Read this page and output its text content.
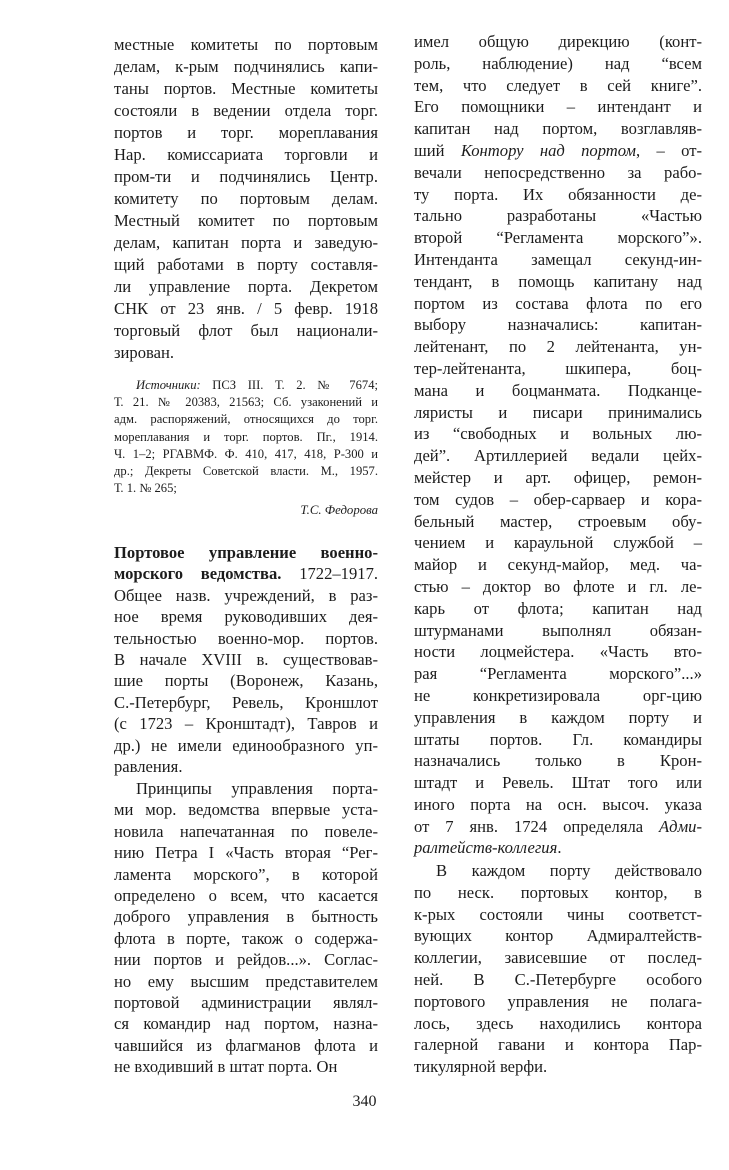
местные комитеты по портовым
делам, к-рым подчинялись капи-
таны портов. Местные комитеты
состояли в ведении отдела торг.
портов и торг. мореплавания
Нар. комиссариата торговли и
пром-ти и подчинялись Центр.
комитету по портовым делам.
Местный комитет по портовым
делам, капитан порта и заведую-
щий работами в порту составля-
ли управление порта. Декретом
СНК от 23 янв. / 5 февр. 1918
торговый флот был национали-
зирован.
Источники: ПСЗ III. Т. 2. № 7674;
Т. 21. № 20383, 21563; Сб. узаконений и
адм. распоряжений, относящихся до торг.
мореплавания и торг. портов. Пг., 1914.
Ч. 1–2; РГАВМФ. Ф. 410, 417, 418, Р-300 и
др.; Декреты Советской власти. М., 1957.
Т. 1. № 265;
Т.С. Федорова
Портовое управление военно-
морского ведомства. 1722–1917.
Общее назв. учреждений, в раз-
ное время руководивших дея-
тельностью военно-мор. портов.
В начале XVIII в. существовав-
шие порты (Воронеж, Казань,
С.-Петербург, Ревель, Кроншлот
(с 1723 – Кронштадт), Тавров и
др.) не имели единообразного уп-
равления.
Принципы управления порта-
ми мор. ведомства впервые уста-
новила напечатанная по повеле-
нию Петра I «Часть вторая “Рег-
ламента морского”, в которой
определено о всем, что касается
доброго управления в бытность
флота в порте, також о содержа-
нии портов и рейдов...». Соглас-
но ему высшим представителем
портовой администрации являл-
ся командир над портом, назна-
чавшийся из флагманов флота и
не входивший в штат порта. Он
имел общую дирекцию (конт-
роль, наблюдение) над “всем
тем, что следует в сей книге”.
Его помощники – интендант и
капитан над портом, возглавляв-
ший Контору над портом, – от-
вечали непосредственно за рабо-
ту порта. Их обязанности де-
тально разработаны «Частью
второй “Регламента морского”».
Интенданта замещал секунд-ин-
тендант, в помощь капитану над
портом из состава флота по его
выбору назначались: капитан-
лейтенант, по 2 лейтенанта, ун-
тер-лейтенанта, шкипера, боц-
мана и боцманмата. Подканце-
ляристы и писари принимались
из “свободных и вольных лю-
дей”. Артиллерией ведали цейх-
мейстер и арт. офицер, ремон-
том судов – обер-сарваер и кора-
бельный мастер, строевым обу-
чением и караульной службой –
майор и секунд-майор, мед. ча-
стью – доктор во флоте и гл. ле-
карь от флота; капитан над
штурманами выполнял обязан-
ности лоцмейстера. «Часть вто-
рая “Регламента морского”...»
не конкретизировала орг-цию
управления в каждом порту и
штаты портов. Гл. командиры
назначались только в Крон-
штадт и Ревель. Штат того или
иного порта на осн. высоч. указа
от 7 янв. 1724 определяла Адми-
ралтейств-коллегия.
В каждом порту действовало
по неск. портовых контор, в
к-рых состояли чины соответст-
вующих контор Адмиралтейств-
коллегии, зависевшие от послед-
ней. В С.-Петербурге особого
портового управления не полага-
лось, здесь находились контора
галерной гавани и контора Пар-
тикулярной верфи.
340
